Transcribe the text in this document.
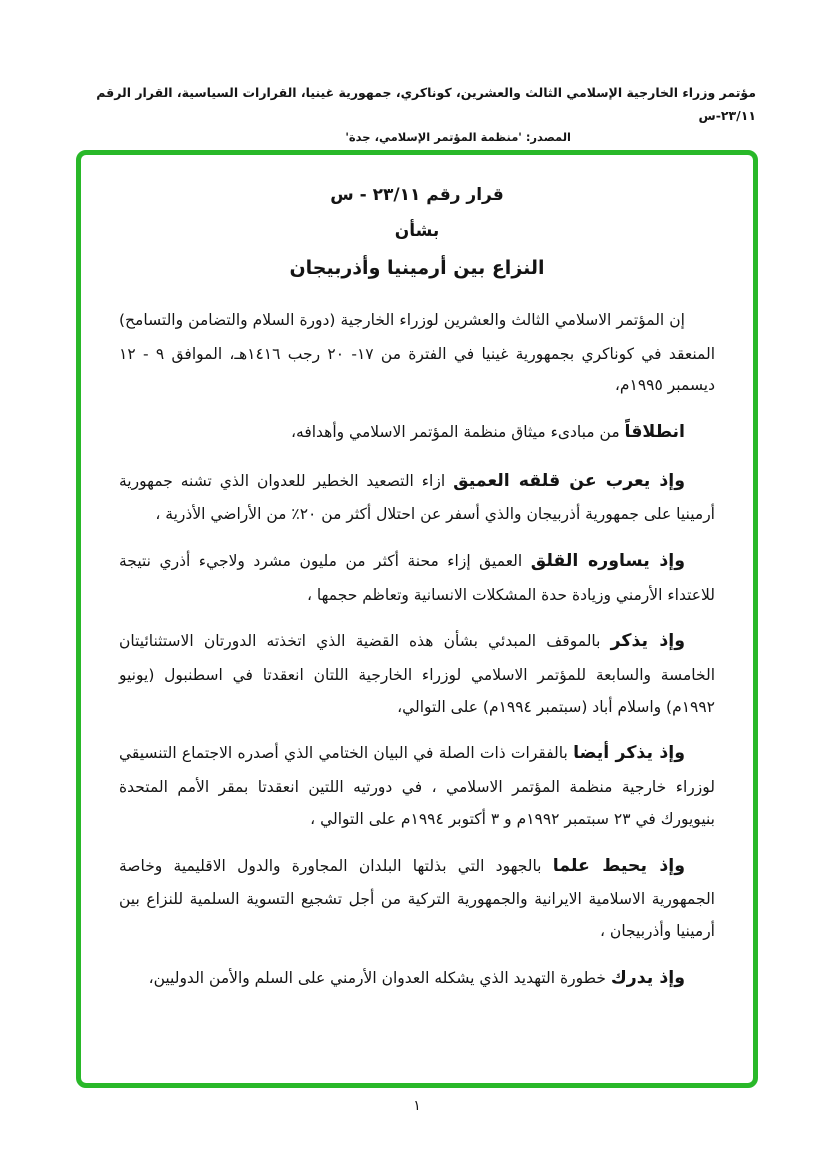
مؤتمر وزراء الخارجية الإسلامي الثالث والعشرين، كوناكري، جمهورية غينيا، القرارات السياسية، القرار الرقم ٢٣/١١-س
المصدر: 'منظمة المؤتمر الإسلامي، جدة'
قرار رقم ٢٣/١١ - س
بشأن
النزاع بين أرمينيا وأذربيجان

إن المؤتمر الاسلامي الثالث والعشرين لوزراء الخارجية (دورة السلام والتضامن والتسامح) المنعقد في كوناكري بجمهورية غينيا في الفترة من ١٧- ٢٠ رجب ١٤١٦هـ، الموافق ٩ - ١٢ ديسمبر ١٩٩٥م،

انطلاقاً من مبادىء ميثاق منظمة المؤتمر الاسلامي وأهدافه،

وإذ يعرب عن قلقه العميق ازاء التصعيد الخطير للعدوان الذي تشنه جمهورية أرمينيا على جمهورية أذربيجان والذي أسفر عن احتلال أكثر من ٢٠٪ من الأراضي الأذرية ،

وإذ يساوره القلق العميق إزاء محنة أكثر من مليون مشرد ولاجيء أذري نتيجة للاعتداء الأرمني وزيادة حدة المشكلات الانسانية وتعاظم حجمها ،

وإذ يذكر بالموقف المبدئي بشأن هذه القضية الذي اتخذته الدورتان الاستثنائيتان الخامسة والسابعة للمؤتمر الاسلامي لوزراء الخارجية اللتان انعقدتا في اسطنبول (يونيو ١٩٩٢م) واسلام أباد (سبتمبر ١٩٩٤م) على التوالي،

وإذ يذكر أيضا بالفقرات ذات الصلة في البيان الختامي الذي أصدره الاجتماع التنسيقي لوزراء خارجية منظمة المؤتمر الاسلامي ، في دورتيه اللتين انعقدتا بمقر الأمم المتحدة بنيويورك في ٢٣ سبتمبر ١٩٩٢م و ٣ أكتوبر ١٩٩٤م على التوالي ،

وإذ يحيط علما بالجهود التي بذلتها البلدان المجاورة والدول الاقليمية وخاصة الجمهورية الاسلامية الايرانية والجمهورية التركية من أجل تشجيع التسوية السلمية للنزاع بين أرمينيا وأذربيجان ،

وإذ يدرك خطورة التهديد الذي يشكله العدوان الأرمني على السلم والأمن الدوليين،

١
